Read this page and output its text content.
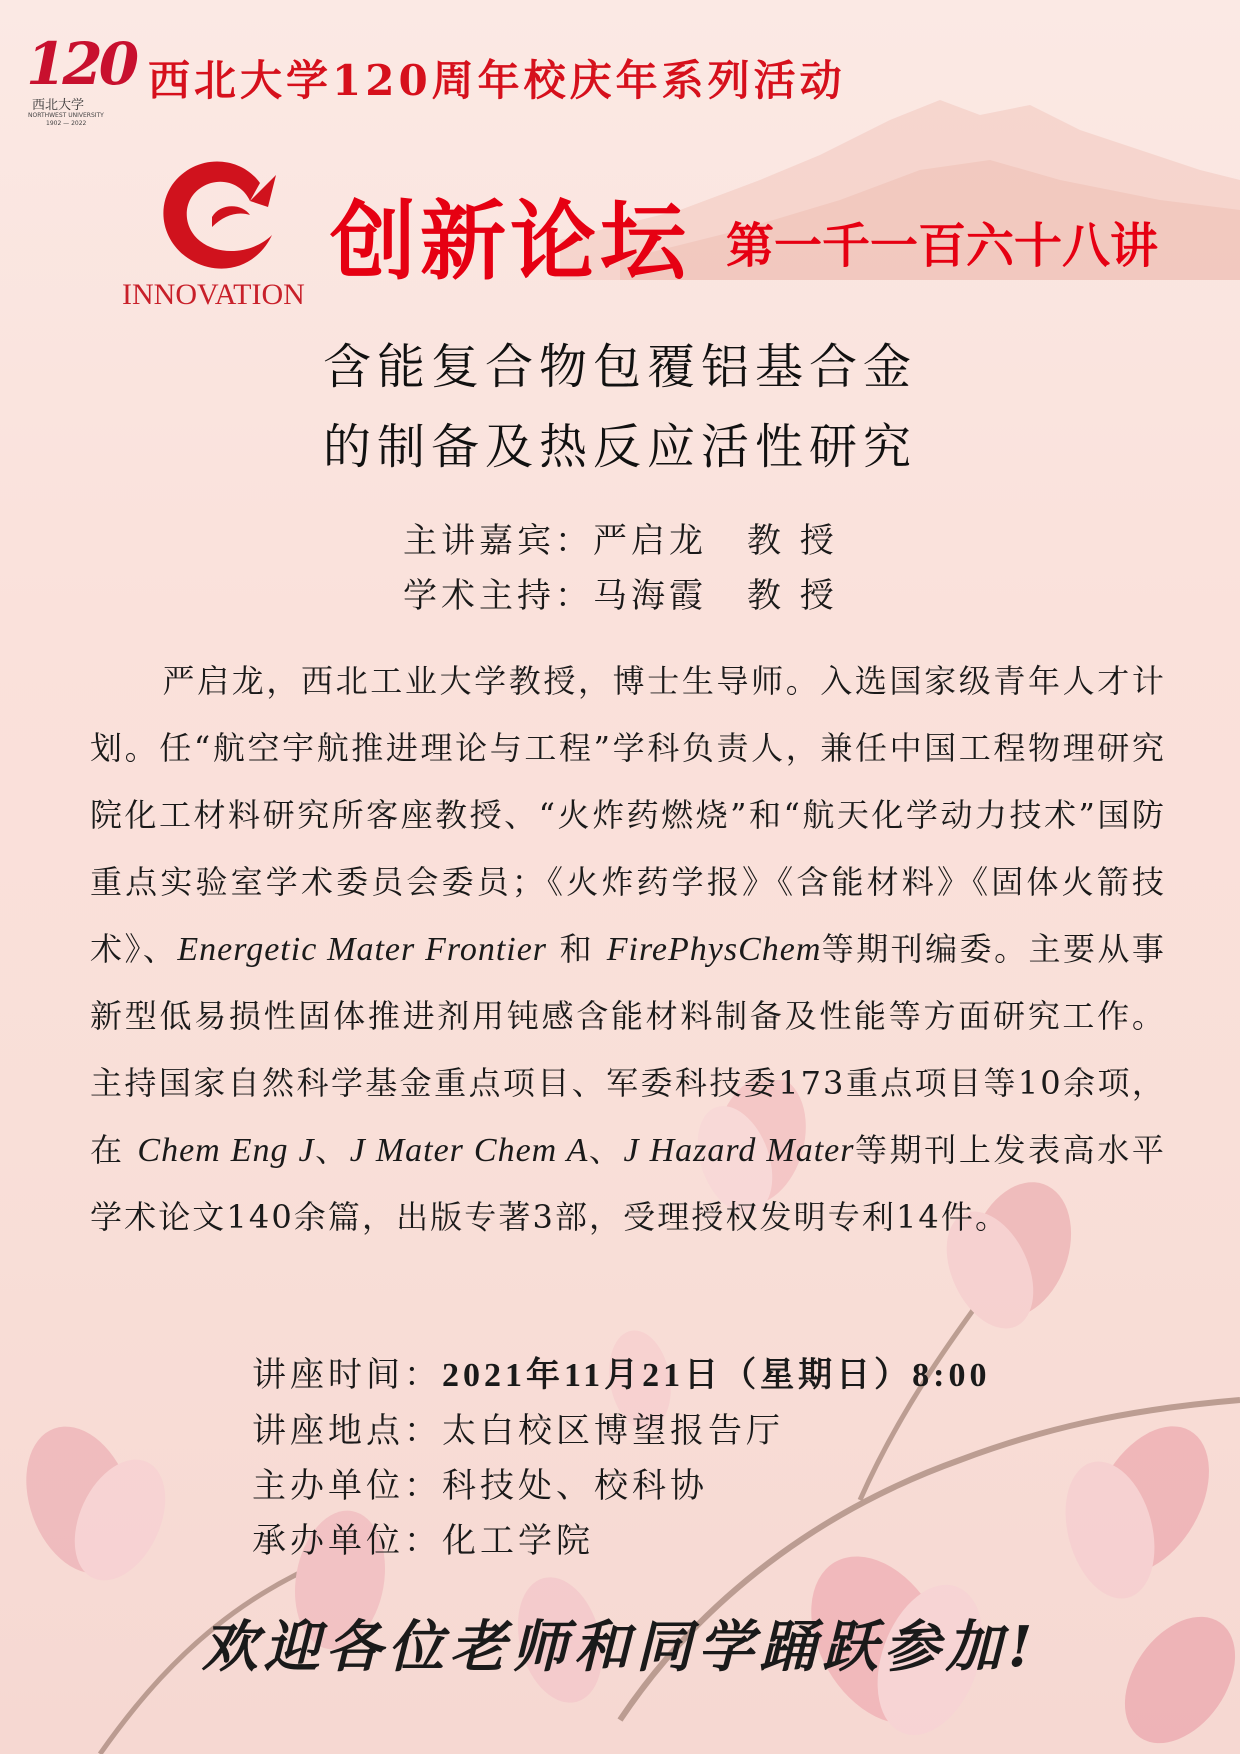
120
西北大学
NORTHWEST UNIVERSITY
1902 — 2022
西北大学120周年校庆年系列活动
INNOVATION
创新论坛 第一千一百六十八讲
含能复合物包覆铝基合金
的制备及热反应活性研究
主讲嘉宾：严启龙 教 授
学术主持：马海霞 教 授
严启龙，西北工业大学教授，博士生导师。入选国家级青年人才计划。任“航空宇航推进理论与工程”学科负责人，兼任中国工程物理研究院化工材料研究所客座教授、“火炸药燃烧”和“航天化学动力技术”国防重点实验室学术委员会委员；《火炸药学报》《含能材料》《固体火箭技术》、Energetic Mater Frontier 和 FirePhysChem等期刊编委。主要从事新型低易损性固体推进剂用钝感含能材料制备及性能等方面研究工作。主持国家自然科学基金重点项目、军委科技委173重点项目等10余项，在 Chem Eng J、J Mater Chem A、J Hazard Mater等期刊上发表高水平学术论文140余篇，出版专著3部，受理授权发明专利14件。
讲座时间：2021年11月21日（星期日）8:00
讲座地点：太白校区博望报告厅
主办单位：科技处、校科协
承办单位：化工学院
欢迎各位老师和同学踊跃参加!
